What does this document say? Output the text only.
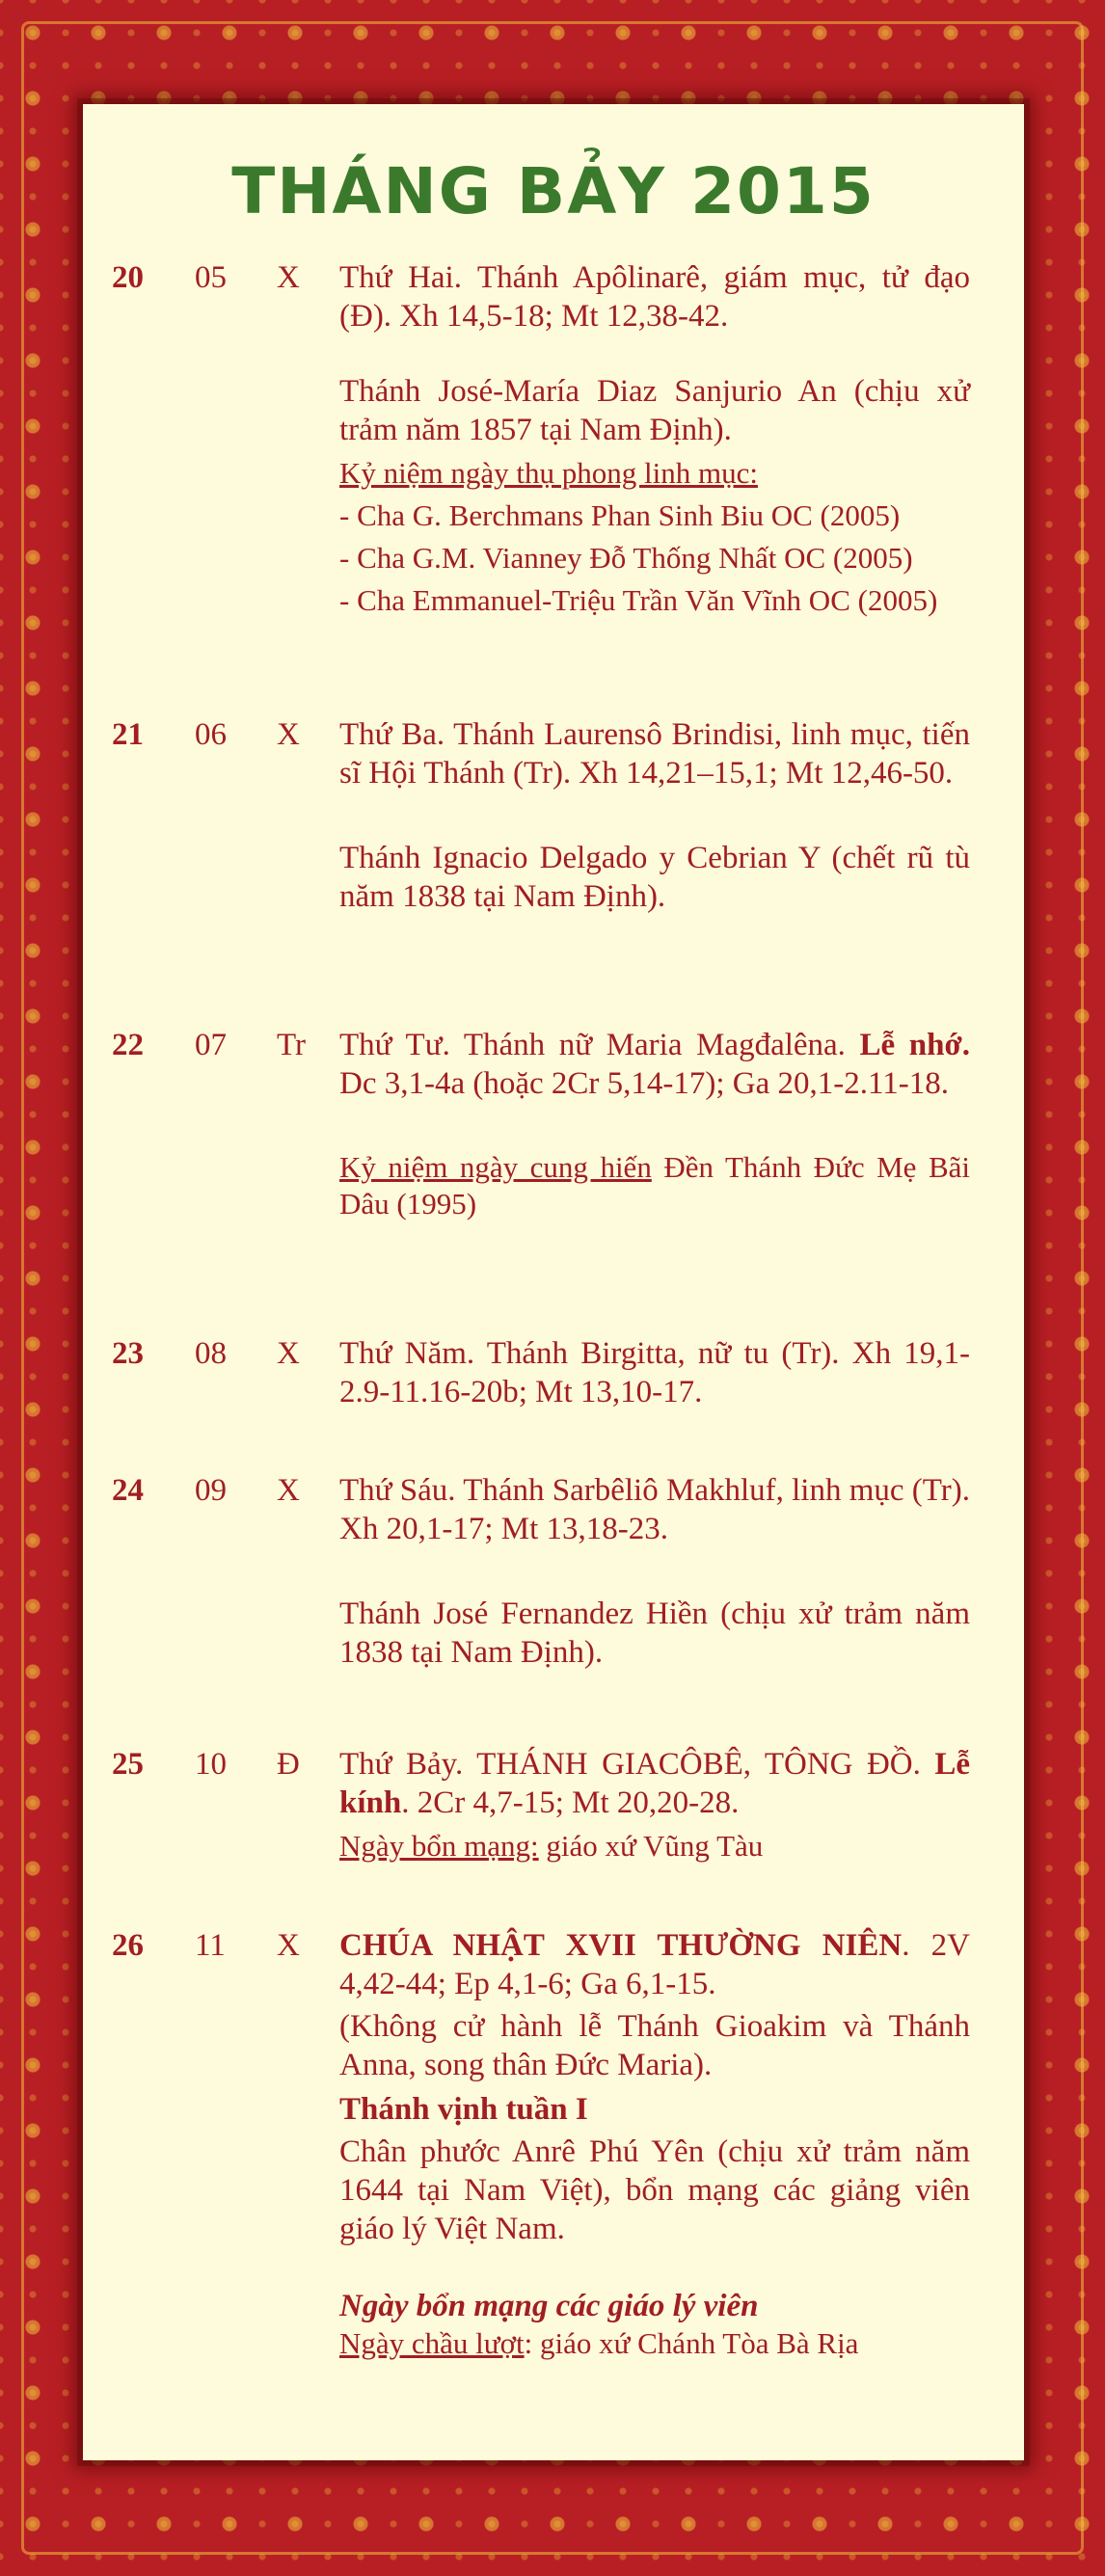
THÁNG BẢY 2015
20 05 X Thứ Hai. Thánh Apôlinarê, giám mục, tử đạo (Đ). Xh 14,5-18; Mt 12,38-42.

Thánh José-María Diaz Sanjurio An (chịu xử trảm năm 1857 tại Nam Định).

Kỷ niệm ngày thụ phong linh mục:

- Cha G. Berchmans Phan Sinh Biu OC (2005)

- Cha G.M. Vianney Đỗ Thống Nhất OC (2005)

- Cha Emmanuel-Triệu Trần Văn Vĩnh OC (2005)

21 06 X Thứ Ba. Thánh Laurensô Brindisi, linh mục, tiến sĩ Hội Thánh (Tr). Xh 14,21–15,1; Mt 12,46-50.

Thánh Ignacio Delgado y Cebrian Y (chết rũ tù năm 1838 tại Nam Định).

22 07 Tr Thứ Tư. Thánh nữ Maria Magđalêna. Lễ nhớ. Dc 3,1-4a (hoặc 2Cr 5,14-17); Ga 20,1-2.11-18.

Kỷ niệm ngày cung hiến Đền Thánh Đức Mẹ Bãi Dâu (1995)

23 08 X Thứ Năm. Thánh Birgitta, nữ tu (Tr). Xh 19,1-2.9-11.16-20b; Mt 13,10-17.

24 09 X Thứ Sáu. Thánh Sarbêliô Makhluf, linh mục (Tr). Xh 20,1-17; Mt 13,18-23.

Thánh José Fernandez Hiền (chịu xử trảm năm 1838 tại Nam Định).

25 10 Đ Thứ Bảy. THÁNH GIACÔBÊ, TÔNG ĐỒ. Lễ kính. 2Cr 4,7-15; Mt 20,20-28.

Ngày bổn mạng: giáo xứ Vũng Tàu

26 11 X CHÚA NHẬT XVII THƯỜNG NIÊN. 2V 4,42-44; Ep 4,1-6; Ga 6,1-15.

(Không cử hành lễ Thánh Gioakim và Thánh Anna, song thân Đức Maria).

Thánh vịnh tuần I

Chân phước Anrê Phú Yên (chịu xử trảm năm 1644 tại Nam Việt), bổn mạng các giảng viên giáo lý Việt Nam.

Ngày bổn mạng các giáo lý viên

Ngày chầu lượt: giáo xứ Chánh Tòa Bà Rịa
